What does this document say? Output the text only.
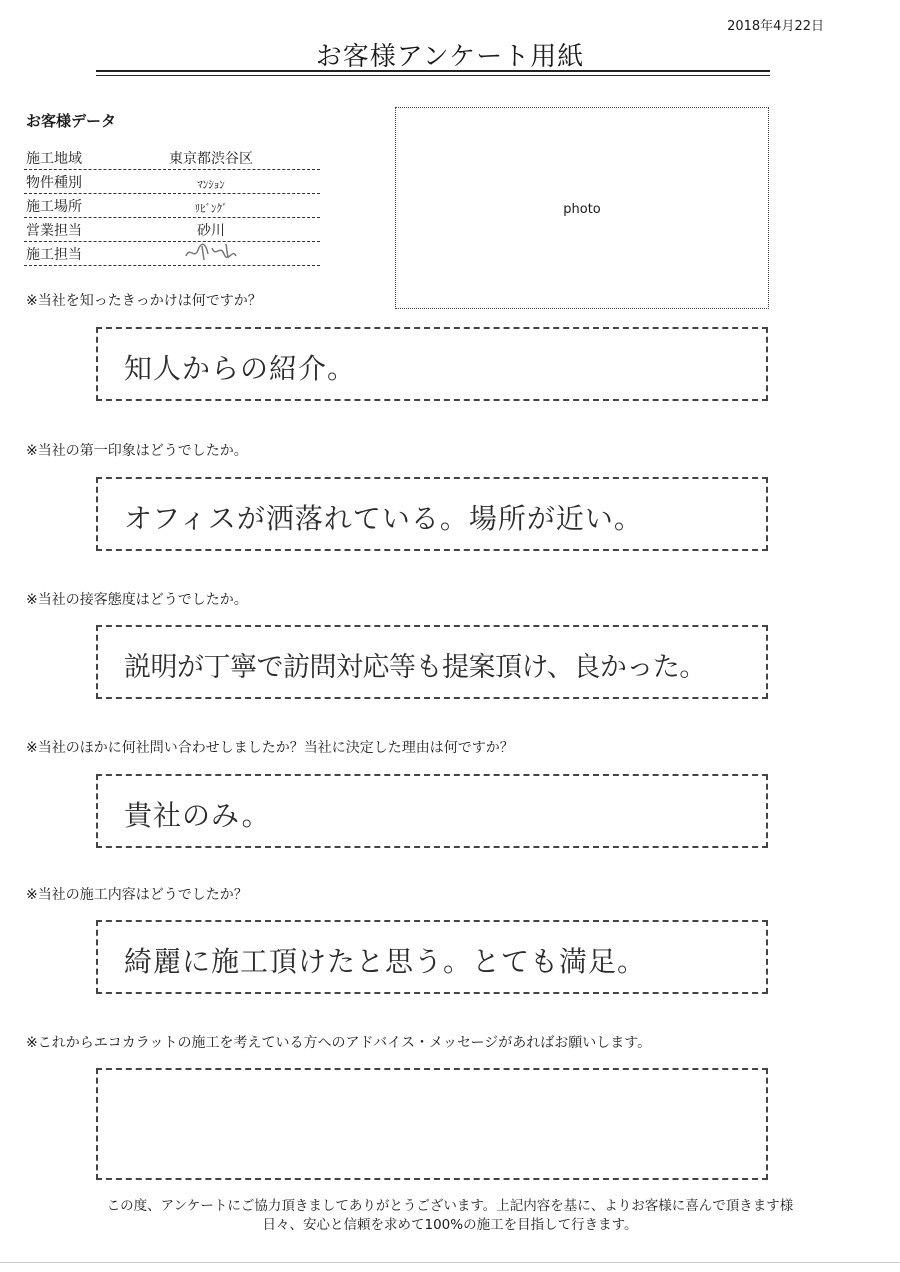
2018年4月22日
お客様アンケート用紙
お客様データ
施工地域	東京都渋谷区
物件種別	ﾏﾝｼｮﾝ
施工場所	ﾘﾋﾞﾝｸﾞ
営業担当	砂川
施工担当
photo
※当社を知ったきっかけは何ですか？
知人からの紹介。
※当社の第一印象はどうでしたか。
オフィスが洒落れている。場所が近い。
※当社の接客態度はどうでしたか。
説明が丁寧で訪問対応等も提案頂け、良かった。
※当社のほかに何社問い合わせしましたか？当社に決定した理由は何ですか？
貴社のみ。
※当社の施工内容はどうでしたか？
綺麗に施工頂けたと思う。とても満足。
※これからエコカラットの施工を考えている方へのアドバイス・メッセージがあればお願いします。
この度、アンケートにご協力頂きましてありがとうございます。上記内容を基に、よりお客様に喜んで頂きます様
日々、安心と信頼を求めて100%の施工を目指して行きます。
